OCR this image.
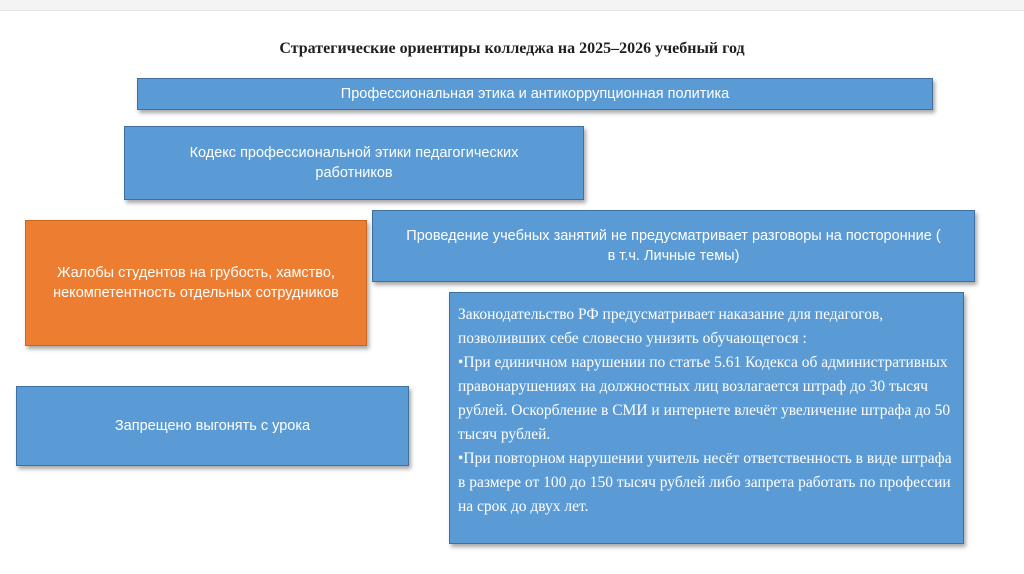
Стратегические ориентиры колледжа на 2025–2026 учебный год
Профессиональная этика и антикоррупционная политика
Кодекс профессиональной этики педагогических работников
Проведение учебных занятий не предусматривает разговоры на посторонние ( в т.ч. Личные темы)
Жалобы студентов на грубость, хамство, некомпетентность отдельных сотрудников
Запрещено выгонять с урока

Законодательство РФ предусматривает наказание для педагогов, позволивших себе словесно унизить обучающегося :

•При единичном нарушении по статье 5.61 Кодекса об административных правонарушениях на должностных лиц возлагается штраф до 30 тысяч рублей. Оскорбление в СМИ и интернете влечёт увеличение штрафа до 50 тысяч рублей.

•При повторном нарушении учитель несёт ответственность в виде штрафа в размере от 100 до 150 тысяч рублей либо запрета работать по профессии на срок до двух лет.
